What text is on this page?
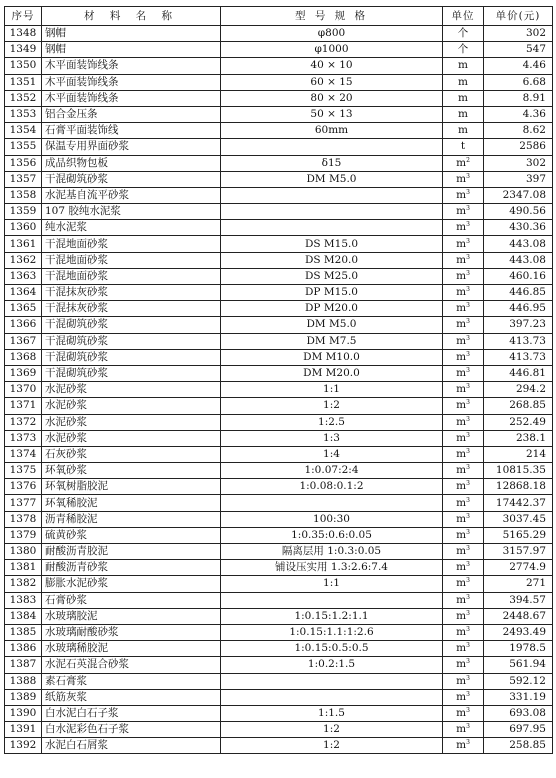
序号	材 料 名 称	型 号 规 格	单位	单价(元)
1348	钢帽	φ800	个	302
1349	钢帽	φ1000	个	547
1350	木平面装饰线条	40 × 10	m	4.46
1351	木平面装饰线条	60 × 15	m	6.68
1352	木平面装饰线条	80 × 20	m	8.91
1353	铝合金压条	50 × 13	m	4.36
1354	石膏平面装饰线	60mm	m	8.62
1355	保温专用界面砂浆		t	2586
1356	成品织物包板	δ15	$m^2$	302
1357	干混砌筑砂浆	DM M5.0	$m^3$	397
1358	水泥基自流平砂浆		$m^3$	2347.08
1359	107 胶纯水泥浆		$m^3$	490.56
1360	纯水泥浆		$m^3$	430.36
1361	干混地面砂浆	DS M15.0	$m^3$	443.08
1362	干混地面砂浆	DS M20.0	$m^3$	443.08
1363	干混地面砂浆	DS M25.0	$m^3$	460.16
1364	干混抹灰砂浆	DP M15.0	$m^3$	446.85
1365	干混抹灰砂浆	DP M20.0	$m^3$	446.95
1366	干混砌筑砂浆	DM M5.0	$m^3$	397.23
1367	干混砌筑砂浆	DM M7.5	$m^3$	413.73
1368	干混砌筑砂浆	DM M10.0	$m^3$	413.73
1369	干混砌筑砂浆	DM M20.0	$m^3$	446.81
1370	水泥砂浆	1:1	$m^3$	294.2
1371	水泥砂浆	1:2	$m^3$	268.85
1372	水泥砂浆	1:2.5	$m^3$	252.49
1373	水泥砂浆	1:3	$m^3$	238.1
1374	石灰砂浆	1:4	$m^3$	214
1375	环氧砂浆	1:0.07:2:4	$m^3$	10815.35
1376	环氧树脂胶泥	1:0.08:0.1:2	$m^3$	12868.18
1377	环氧稀胶泥		$m^3$	17442.37
1378	沥青稀胶泥	100:30	$m^3$	3037.45
1379	硫黄砂浆	1:0.35:0.6:0.05	$m^3$	5165.29
1380	耐酸沥青胶泥	隔离层用 1:0.3:0.05	$m^3$	3157.97
1381	耐酸沥青砂浆	铺设压实用 1.3:2.6:7.4	$m^3$	2774.9
1382	膨胀水泥砂浆	1:1	$m^3$	271
1383	石膏砂浆		$m^3$	394.57
1384	水玻璃胶泥	1:0.15:1.2:1.1	$m^3$	2448.67
1385	水玻璃耐酸砂浆	1:0.15:1.1:1:2.6	$m^3$	2493.49
1386	水玻璃稀胶泥	1:0.15:0.5:0.5	$m^3$	1978.5
1387	水泥石英混合砂浆	1:0.2:1.5	$m^3$	561.94
1388	素石膏浆		$m^3$	592.12
1389	纸筋灰浆		$m^3$	331.19
1390	白水泥白石子浆	1:1.5	$m^3$	693.08
1391	白水泥彩色石子浆	1:2	$m^3$	697.95
1392	水泥白石屑浆	1:2	$m^3$	258.85
